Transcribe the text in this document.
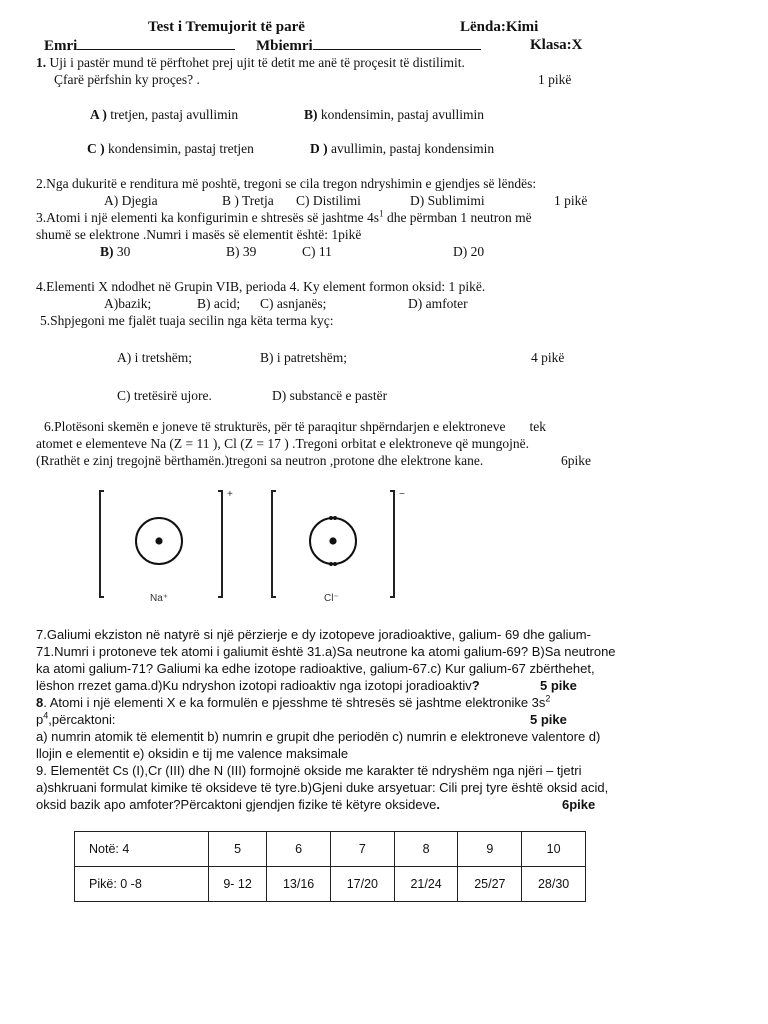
Test i Tremujorit të parë	Lënda:Kimi
Emri	Mbiemri	Klasa:X
1. Uji i pastër mund të përftohet prej ujit të detit me anë të proçesit të distilimit.
Çfarë përfshin ky proçes? .	1 pikë
A ) tretjen, pastaj avullimin	B) kondensimin, pastaj avullimin
C ) kondensimin, pastaj tretjen	D ) avullimin, pastaj kondensimin
2.Nga dukuritë e renditura më poshtë, tregoni se cila tregon ndryshimin e gjendjes së lëndës:
A) Djegia	B ) Tretja C) Distilimi	D) Sublimimi	1 pikë
3.Atomi i një elementi ka konfigurimin e shtresës së jashtme $4s^1$ dhe përmban 1 neutron më
shumë se elektrone .Numri i masës së elementit është: 1pikë
B) 30	B) 39	C) 11	D) 20
4.Elementi X ndodhet në Grupin VIB, perioda 4. Ky element formon oksid: 1 pikë.
A)bazik;	B) acid; C) asnjanës;	D) amfoter
5.Shpjegoni me fjalët tuaja secilin nga këta terma kyç:
A) i tretshëm;	B) i patretshëm;	4 pikë
C) tretësirë ujore.	D) substancë e pastër
6.Plotësoni skemën e joneve të strukturës, për të paraqitur shpërndarjen e elektroneve tek
atomet e elementeve Na (Z = 11 ), Cl (Z = 17 ) .Tregoni orbitat e elektroneve që mungojnë.
(Rrathët e zinj tregojnë bërthamën.)tregoni sa neutron ,protone dhe elektrone kane.	6pike
+
Na⁺
−
Cl⁻
7.Galiumi ekziston në natyrë si një përzierje e dy izotopeve joradioaktive, galium- 69 dhe galium-
71.Numri i protoneve tek atomi i galiumit është 31.a)Sa neutrone ka atomi galium-69? B)Sa neutrone
ka atomi galium-71? Galiumi ka edhe izotope radioaktive, galium-67.c) Kur galium-67 zbërthehet,
lëshon rrezet gama.d)Ku ndryshon izotopi radioaktiv nga izotopi joradioaktiv?	5 pike
8. Atomi i një elementi X e ka formulën e pjesshme të shtresës së jashtme elektronike $3s^2$
$p^4,përcaktoni$:	5 pike
a) numrin atomik të elementit b) numrin e grupit dhe periodën c) numrin e elektroneve valentore d)
llojin e elementit e) oksidin e tij me valence maksimale
9. Elementët Cs (I),Cr (III) dhe N (III) formojnë okside me karakter të ndryshëm nga njëri – tjetri
a)shkruani formulat kimike të oksideve të tyre.b)Gjeni duke arsyetuar: Cili prej tyre është oksid acid,
oksid bazik apo amfoter?Përcaktoni gjendjen fizike të këtyre oksideve.	6pike
Notë: 4	5	6	7	8	9	10
Pikë: 0 -8	9- 12	13/16	17/20	21/24	25/27	28/30
